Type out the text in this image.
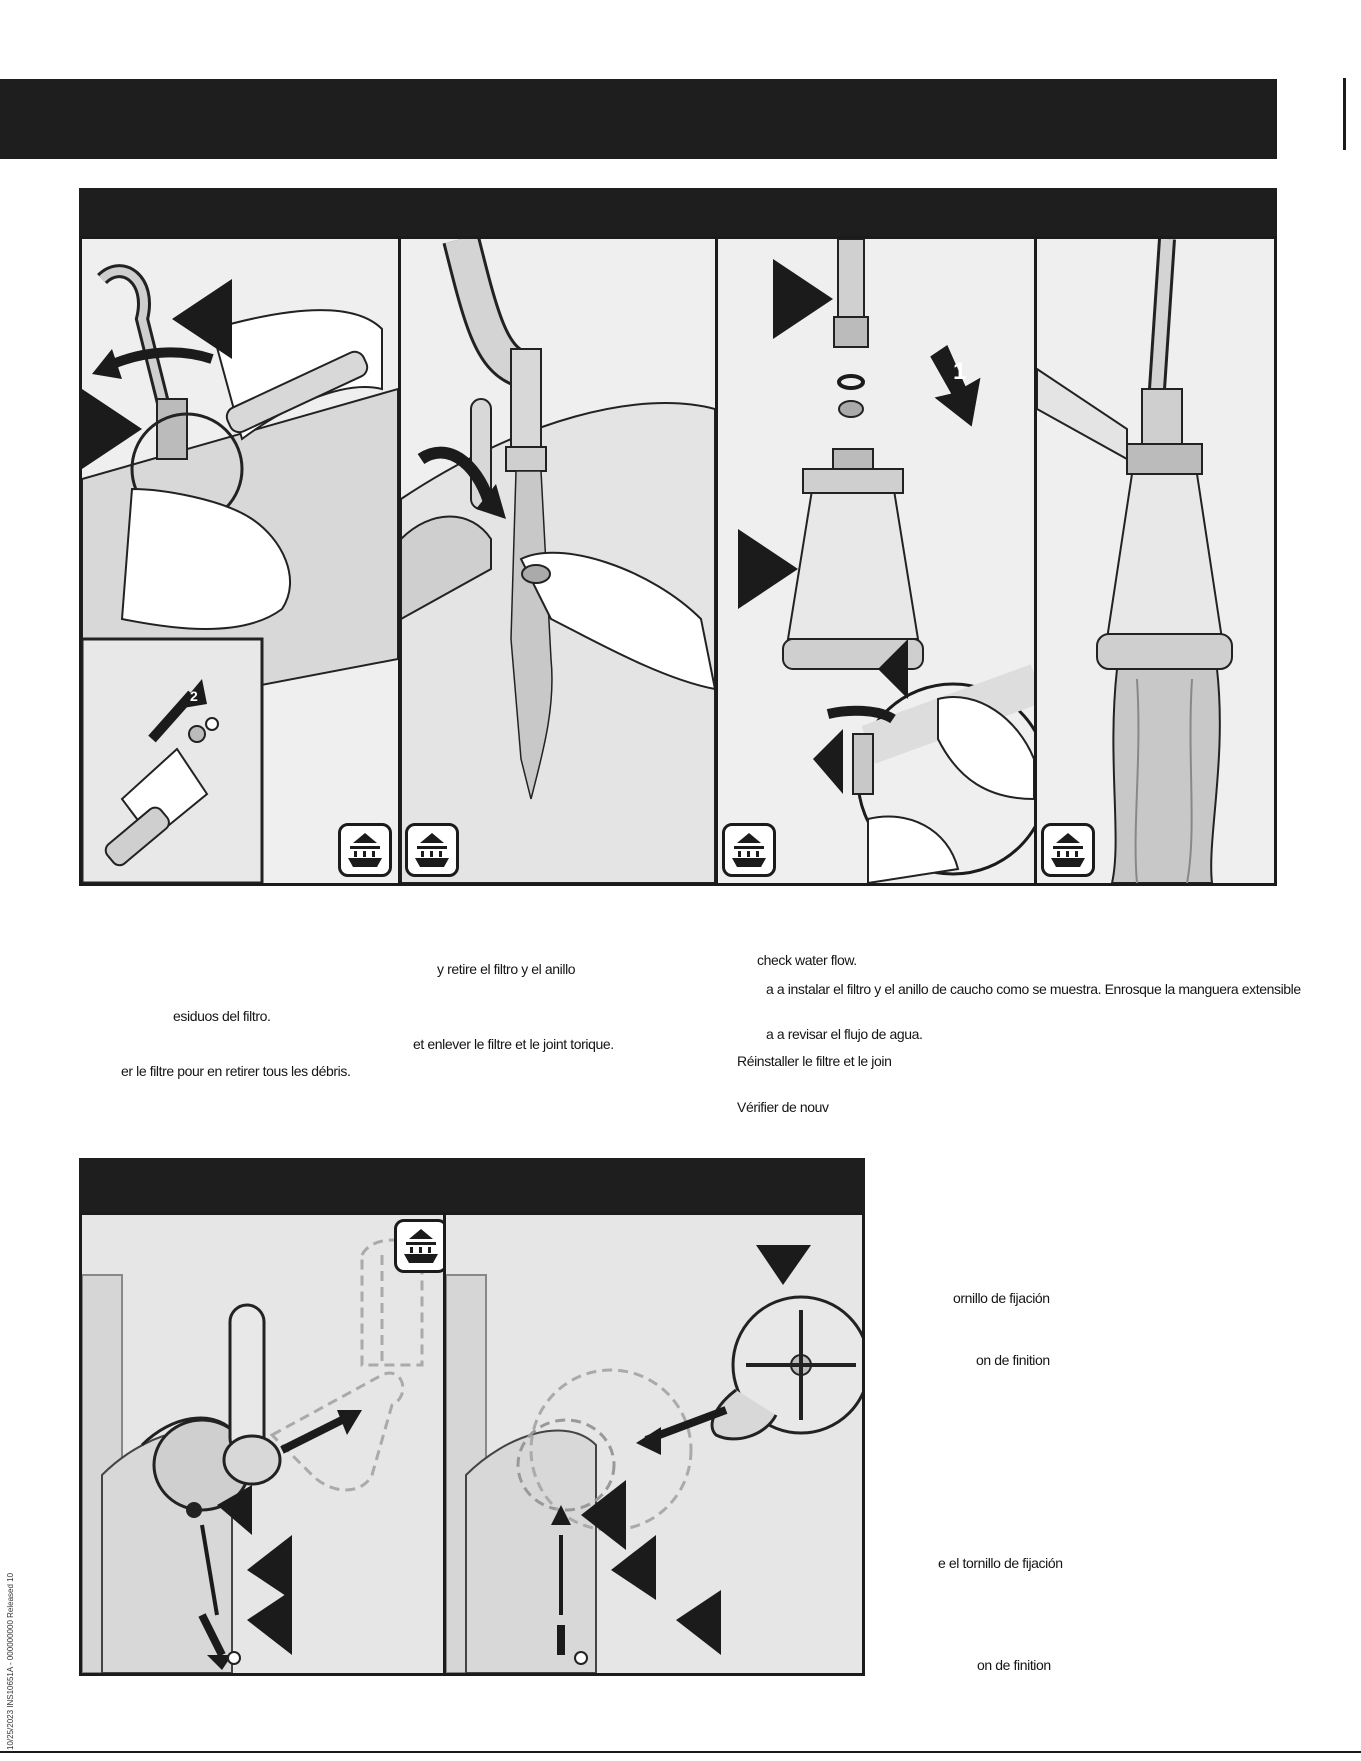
2
1
y retire el filtro y el anillo
esiduos del filtro.
et enlever le filtre et le joint torique.
er le filtre pour en retirer tous les débris.
check water flow.
a a instalar el filtro y el anillo de caucho como se muestra. Enrosque la manguera extensible
a a revisar el flujo de agua.
Réinstaller le filtre et le join
Vérifier de nouv
ornillo de fijación
on de finition
e el tornillo de fijación
on de finition
10/25/2023 INS10651A - 000000000 Released 10
